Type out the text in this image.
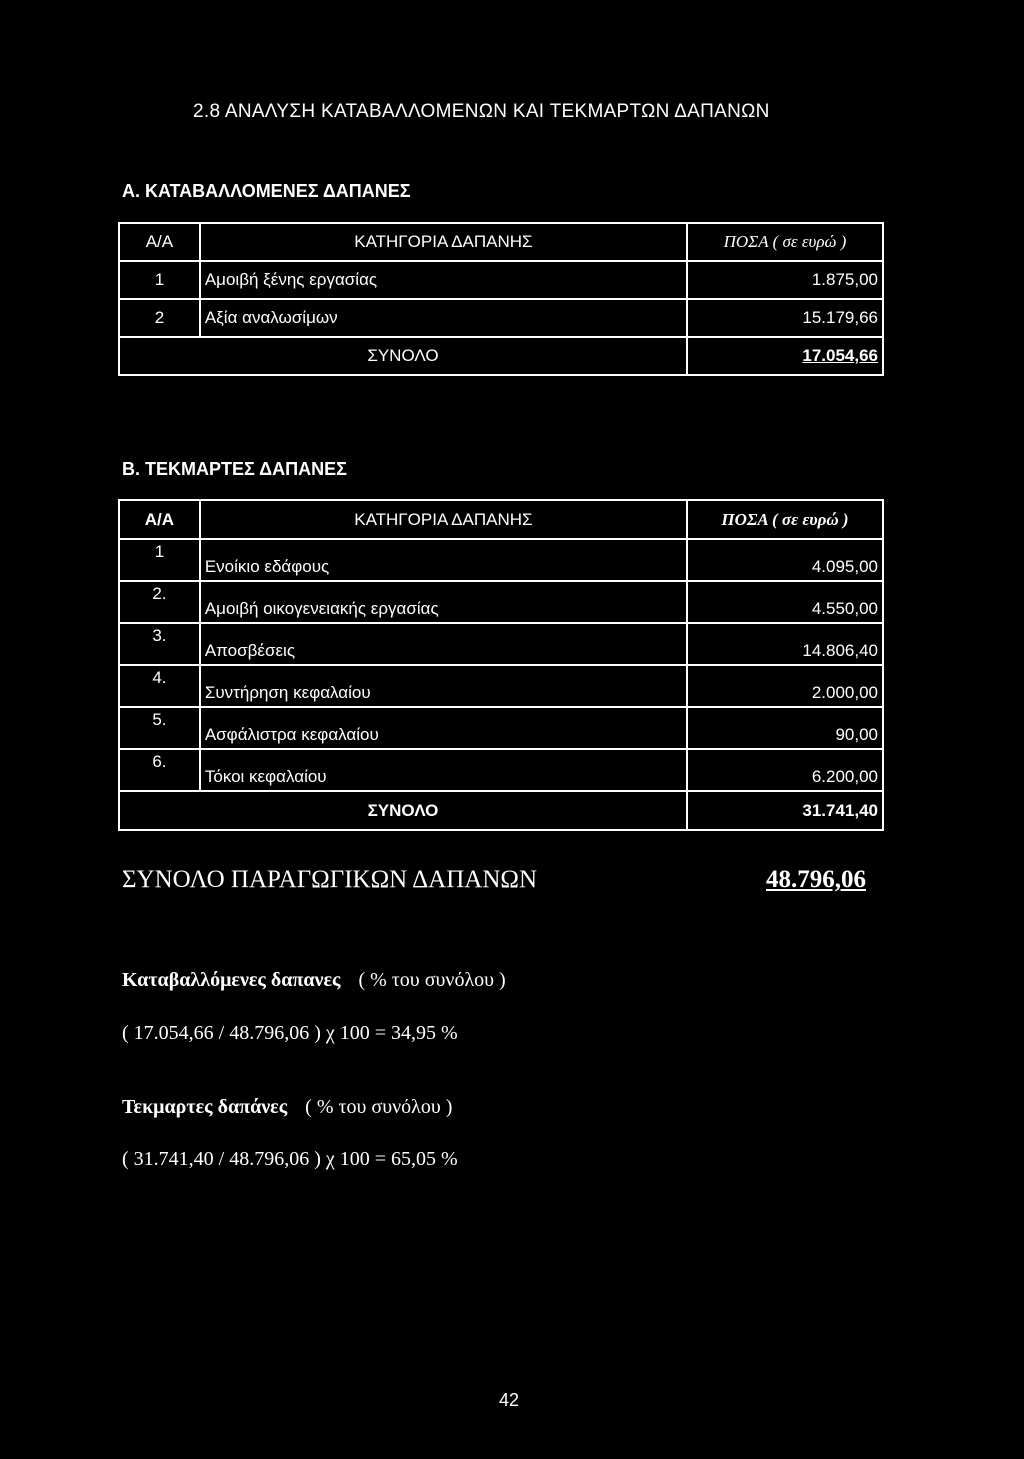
2.8 ΑΝΑΛΥΣΗ ΚΑΤΑΒΑΛΛΟΜΕΝΩΝ ΚΑΙ ΤΕΚΜΑΡΤΩΝ ΔΑΠΑΝΩΝ
Α. ΚΑΤΑΒΑΛΛΟΜΕΝΕΣ ΔΑΠΑΝΕΣ
Α/Α	ΚΑΤΗΓΟΡΙΑ ΔΑΠΑΝΗΣ	ΠΟΣΑ ( σε ευρώ )
1	Αμοιβή ξένης εργασίας	1.875,00
2	Αξία αναλωσίμων	15.179,66
ΣΥΝΟΛΟ		17.054,66
Β. ΤΕΚΜΑΡΤΕΣ ΔΑΠΑΝΕΣ
Α/Α	ΚΑΤΗΓΟΡΙΑ ΔΑΠΑΝΗΣ	ΠΟΣΑ ( σε ευρώ )
1	Ενοίκιο εδάφους	4.095,00
2.	Αμοιβή οικογενειακής εργασίας	4.550,00
3.	Αποσβέσεις	14.806,40
4.	Συντήρηση κεφαλαίου	2.000,00
5.	Ασφάλιστρα κεφαλαίου	90,00
6.	Τόκοι κεφαλαίου	6.200,00
ΣΥΝΟΛΟ		31.741,40
ΣΥΝΟΛΟ ΠΑΡΑΓΩΓΙΚΩΝ ΔΑΠΑΝΩΝ	48.796,06
Καταβαλλόμενες δαπανες ( % του συνόλου )
( 17.054,66 / 48.796,06 ) χ 100 = 34,95 %
Τεκμαρτες δαπάνες ( % του συνόλου )
( 31.741,40 / 48.796,06 ) χ 100 = 65,05 %
42
